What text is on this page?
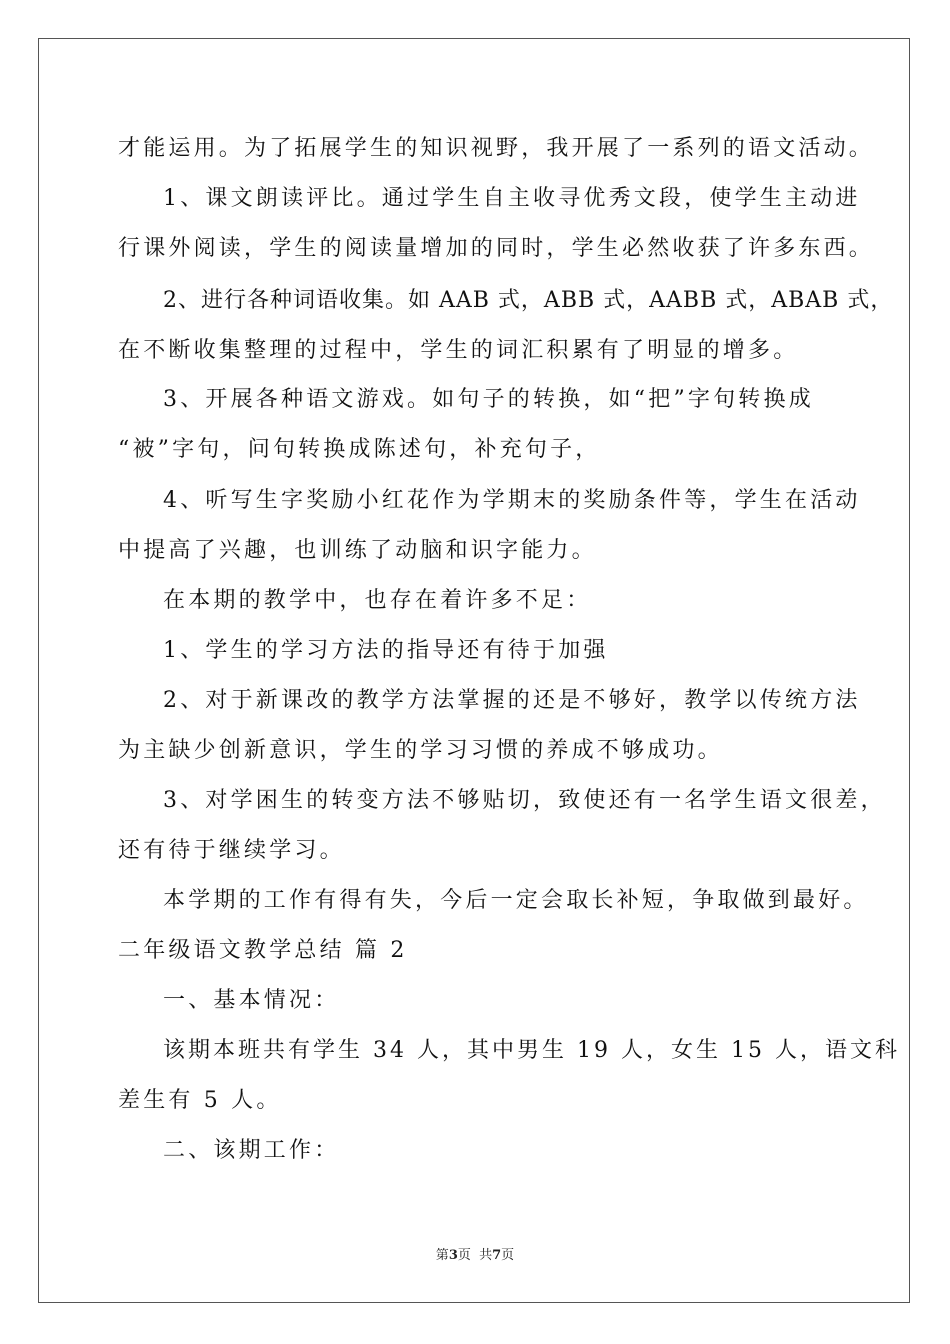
才能运用。为了拓展学生的知识视野，我开展了一系列的语文活动。
1、课文朗读评比。通过学生自主收寻优秀文段，使学生主动进
行课外阅读，学生的阅读量增加的同时，学生必然收获了许多东西。
2、进行各种词语收集。如 AAB 式，ABB 式，AABB 式，ABAB 式，
在不断收集整理的过程中，学生的词汇积累有了明显的增多。
3、开展各种语文游戏。如句子的转换，如“把”字句转换成
“被”字句，问句转换成陈述句，补充句子，
4、听写生字奖励小红花作为学期末的奖励条件等，学生在活动
中提高了兴趣，也训练了动脑和识字能力。
在本期的教学中，也存在着许多不足：
1、学生的学习方法的指导还有待于加强
2、对于新课改的教学方法掌握的还是不够好，教学以传统方法
为主缺少创新意识，学生的学习习惯的养成不够成功。
3、对学困生的转变方法不够贴切，致使还有一名学生语文很差，
还有待于继续学习。
本学期的工作有得有失，今后一定会取长补短，争取做到最好。
二年级语文教学总结 篇 2
一、基本情况：
该期本班共有学生 34 人，其中男生 19 人，女生 15 人，语文科
差生有 5 人。
二、该期工作：
第3页  共7页
